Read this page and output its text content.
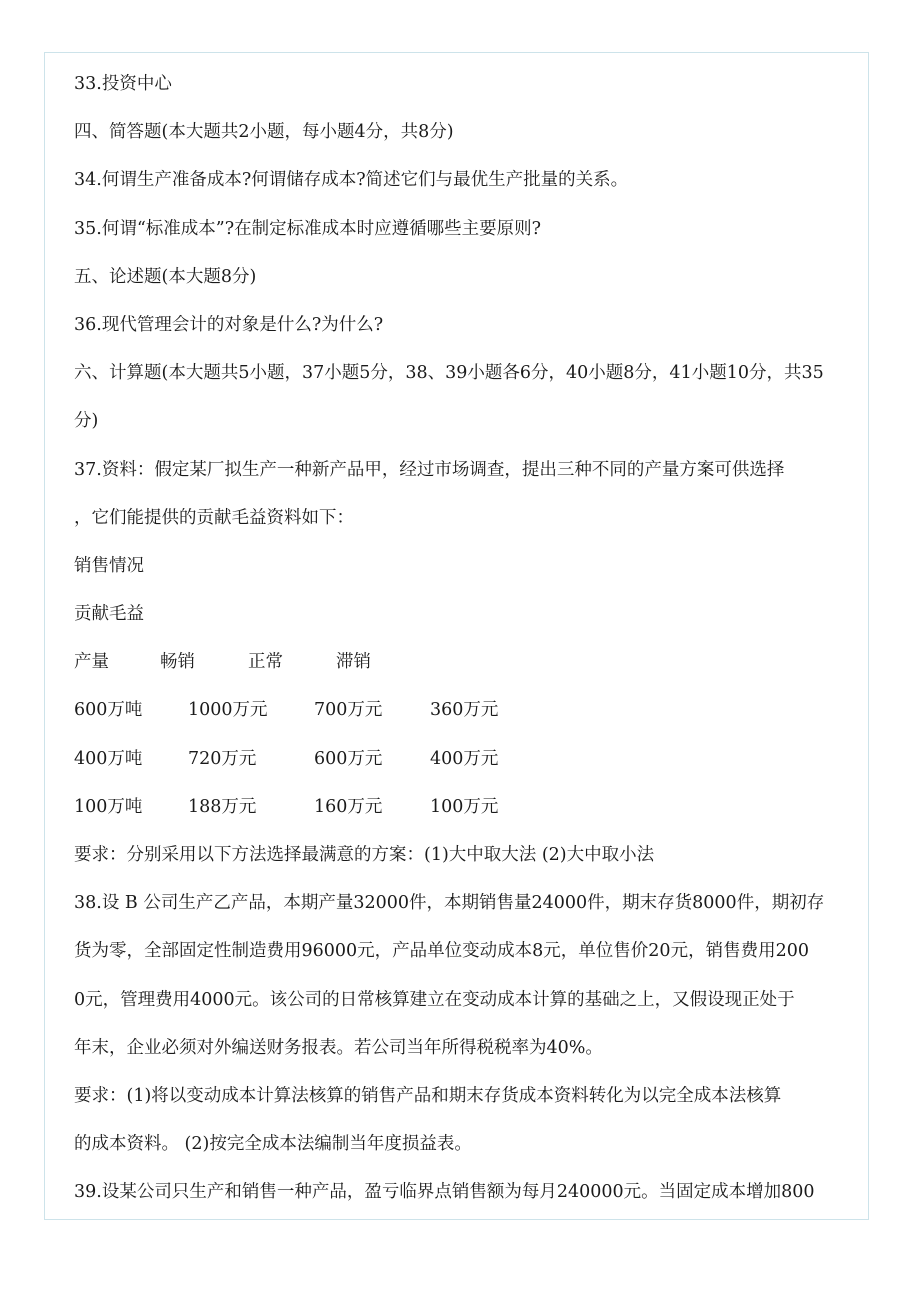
33.投资中心
四、简答题(本大题共2小题，每小题4分，共8分)
34.何谓生产准备成本?何谓储存成本?简述它们与最优生产批量的关系。
35.何谓“标准成本”?在制定标准成本时应遵循哪些主要原则?
五、论述题(本大题8分)
36.现代管理会计的对象是什么?为什么?
六、计算题(本大题共5小题，37小题5分，38、39小题各6分，40小题8分，41小题10分，共35
分)
37.资料：假定某厂拟生产一种新产品甲，经过市场调查，提出三种不同的产量方案可供选择
，它们能提供的贡献毛益资料如下：
销售情况
贡献毛益
产量	畅销	正常	滞销
600万吨	1000万元	700万元	360万元
400万吨	720万元	600万元	400万元
100万吨	188万元	160万元	100万元
要求：分别采用以下方法选择最满意的方案：(1)大中取大法 (2)大中取小法
38.设 B 公司生产乙产品，本期产量32000件，本期销售量24000件，期末存货8000件，期初存
货为零，全部固定性制造费用96000元，产品单位变动成本8元，单位售价20元，销售费用200
0元，管理费用4000元。该公司的日常核算建立在变动成本计算的基础之上，又假设现正处于
年末，企业必须对外编送财务报表。若公司当年所得税税率为40%。
要求：(1)将以变动成本计算法核算的销售产品和期末存货成本资料转化为以完全成本法核算
的成本资料。 (2)按完全成本法编制当年度损益表。
39.设某公司只生产和销售一种产品，盈亏临界点销售额为每月240000元。当固定成本增加800
